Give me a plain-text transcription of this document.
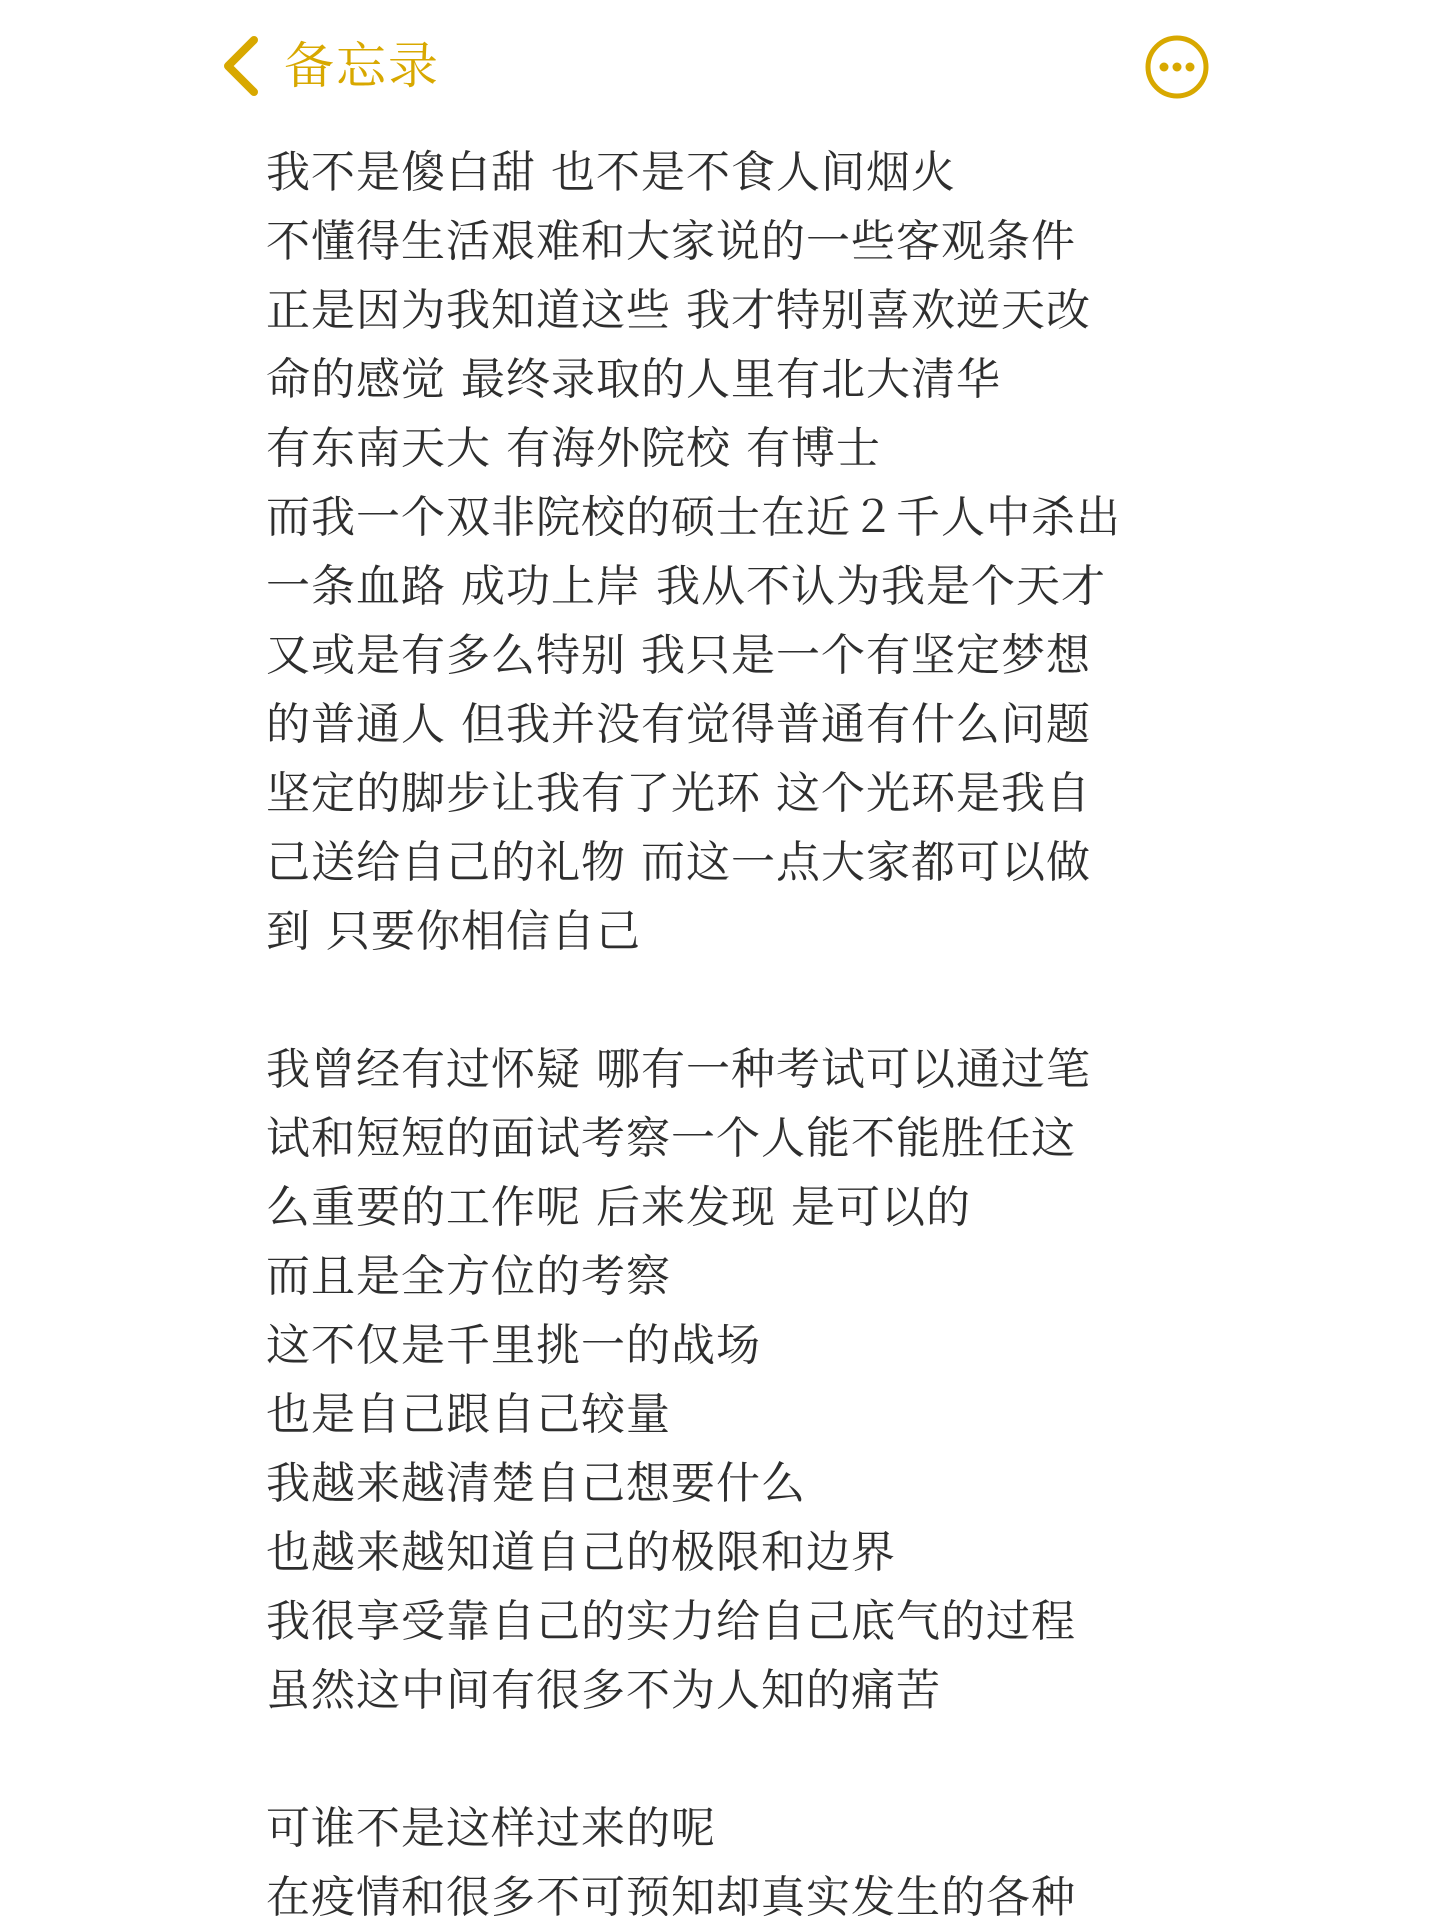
备忘录
我不是傻白甜 也不是不食人间烟火
不懂得生活艰难和大家说的一些客观条件
正是因为我知道这些 我才特别喜欢逆天改
命的感觉 最终录取的人里有北大清华
有东南天大 有海外院校 有博士
而我一个双非院校的硕士在近２千人中杀出
一条血路 成功上岸 我从不认为我是个天才
又或是有多么特别 我只是一个有坚定梦想
的普通人 但我并没有觉得普通有什么问题
坚定的脚步让我有了光环 这个光环是我自
己送给自己的礼物 而这一点大家都可以做
到 只要你相信自己
我曾经有过怀疑 哪有一种考试可以通过笔
试和短短的面试考察一个人能不能胜任这
么重要的工作呢 后来发现 是可以的
而且是全方位的考察
这不仅是千里挑一的战场
也是自己跟自己较量
我越来越清楚自己想要什么
也越来越知道自己的极限和边界
我很享受靠自己的实力给自己底气的过程
虽然这中间有很多不为人知的痛苦
可谁不是这样过来的呢
在疫情和很多不可预知却真实发生的各种
